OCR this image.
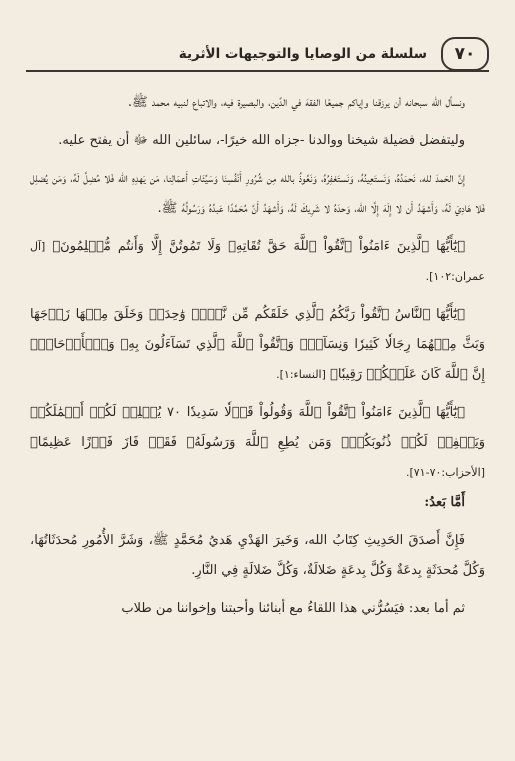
٧٠
سلسلة من الوصايا والتوجيهات الأثرية

ونسأل الله سبحانه أن يرزقنا وإياكم جميعًا الفقهَ في الدِّين، والبصيرة فيه، والاتباع لنبيه محمد ﷺ.

وليتفضل فضيلة شيخنا ووالدنا -جزاه الله خيرًا-، سائلين الله ﷻ أن يفتح عليه.

إِنَّ الحَمدَ لله، نَحمَدُهُ، وَنَستَعِينُهُ، وَنَستَغفِرُهُ، وَنَعُوذُ بالله مِن شُرُورِ أَنْفُسِنَا وَسَيِّئَاتِ أَعمَالِنا، مَن يَهدِهِ الله فَلا مُضِلَّ لَهُ، وَمَن يُضلِل فَلا هَادِيَ لَهُ، وَأَشهَدُ أَن لا إِلَهَ إِلَّا الله، وَحدَهُ لا شَرِيكَ لَهُ، وَأَشهَدُ أَنَّ مُحَمَّدًا عَبدُهُ وَرَسُولُهُ ﷺ.

﴿يَٰٓأَيُّهَا ٱلَّذِينَ ءَامَنُواْ ٱتَّقُواْ ٱللَّهَ حَقَّ تُقَاتِهِۦ وَلَا تَمُوتُنَّ إِلَّا وَأَنتُم مُّسۡلِمُونَ﴾ [آل عمران:١٠٢].

﴿يَٰٓأَيُّهَا ٱلنَّاسُ ٱتَّقُواْ رَبَّكُمُ ٱلَّذِي خَلَقَكُم مِّن نَّفۡسٖ وَٰحِدَةٖ وَخَلَقَ مِنۡهَا زَوۡجَهَا وَبَثَّ مِنۡهُمَا رِجَالٗا كَثِيرٗا وَنِسَآءٗۚ وَٱتَّقُواْ ٱللَّهَ ٱلَّذِي تَسَآءَلُونَ بِهِۦ وَٱلۡأَرۡحَامَۚ إِنَّ ٱللَّهَ كَانَ عَلَيۡكُمۡ رَقِيبٗا﴾ [النساء:١].

﴿يَٰٓأَيُّهَا ٱلَّذِينَ ءَامَنُواْ ٱتَّقُواْ ٱللَّهَ وَقُولُواْ قَوۡلٗا سَدِيدٗا ٧٠ يُصۡلِحۡ لَكُمۡ أَعۡمَٰلَكُمۡ وَيَغۡفِرۡ لَكُمۡ ذُنُوبَكُمۡۗ وَمَن يُطِعِ ٱللَّهَ وَرَسُولَهُۥ فَقَدۡ فَازَ فَوۡزًا عَظِيمًا﴾ [الأحزاب:٧٠-٧١].

أَمَّا بَعدُ:

فَإِنَّ أَصدَقَ الحَدِيثِ كِتَابُ الله، وَخَيرَ الهَدْيِ هَديُ مُحَمَّدٍ ﷺ، وَشَرَّ الأُمُورِ مُحدَثَاتُهَا، وَكُلَّ مُحدَثَةٍ بِدعَةٌ وَكُلَّ بِدعَةٍ ضَلالَةٌ، وَكُلَّ ضَلالَةٍ فِي النَّارِ.

ثم أما بعد: فيَسُرُّني هذا اللقاءُ مع أبنائنا وأحبتنا وإخواننا من طلاب
